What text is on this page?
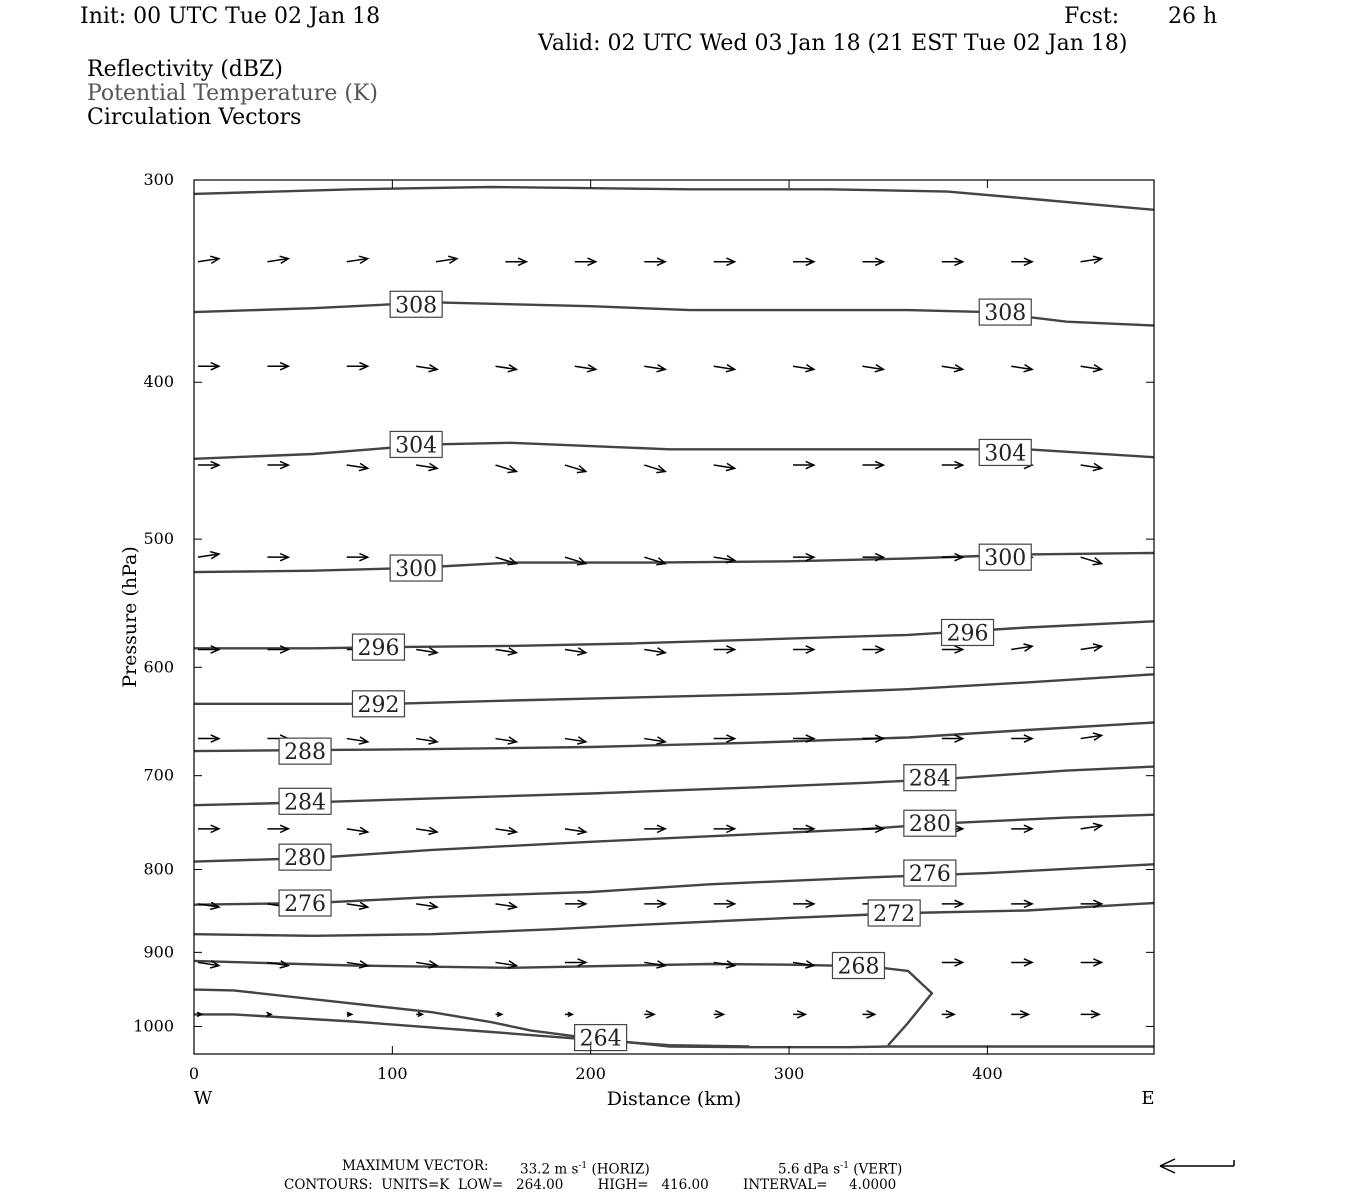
Init: 00 UTC Tue 02 Jan 18	Fcst: 26 h
Valid: 02 UTC Wed 03 Jan 18 (21 EST Tue 02 Jan 18)
Reflectivity (dBZ)
Potential Temperature (K)
Circulation Vectors
308	308
304	304
300	300
296
296
292
288
284
284
280
280
276
276
272
268
264
300
400
500
600
700
800
900
1000
0	100	200	300	400
Distance (km)
Pressure (hPa)
W	E
MAXIMUM VECTOR: 33.2 m $s^{-1}$ (HORIZ)	5.6 dPa $s^{-1}$ (VERT)
CONTOURS:  UNITS=K  LOW=   264.00        HIGH=   416.00        INTERVAL=     4.0000
